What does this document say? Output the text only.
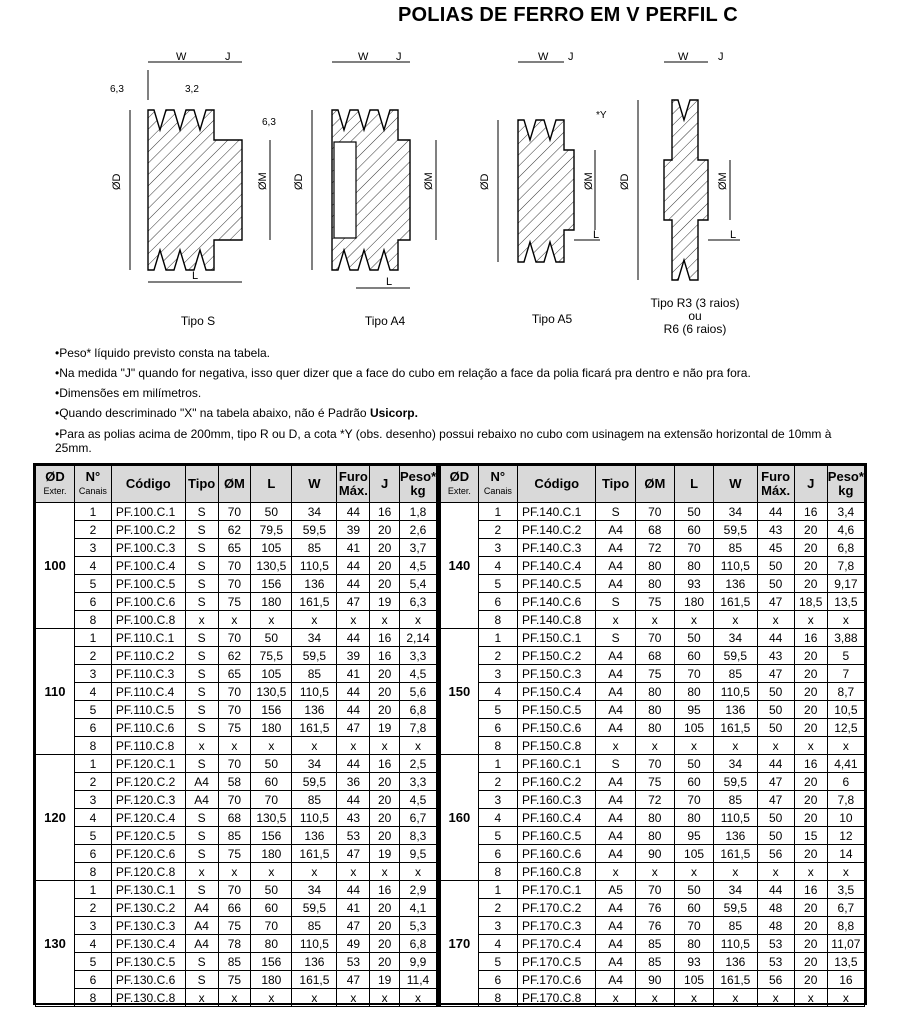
POLIAS DE FERRO EM V PERFIL C
W	J
L
ØD	ØM
6,3	3,2
6,3
W	J
L
ØD	ØM
W J
L
ØD	ØM
*Y
W	J
L
ØD	ØM
Tipo S	Tipo A4	Tipo A5
Tipo R3 (3 raios)
ou
R6 (6 raios)
•Peso* líquido previsto consta na tabela.
•Na medida "J" quando for negativa, isso quer dizer que a face do cubo em relação a face da polia ficará pra dentro e não pra fora.
•Dimensões em milímetros.
•Quando descriminado "X" na tabela abaixo, não é Padrão Usicorp.
•Para as polias acima de 200mm, tipo R ou D, a cota *Y (obs. desenho) possui rebaixo no cubo com usinagem na extensão horizontal de 10mm à 25mm.
ØD
Exter.	N°
Canais	Código	Tipo	ØM	L	W	Furo
Máx.	J	Peso*
kg
100	1	PF.100.C.1	S	70	50	34	44	16	1,8
	2	PF.100.C.2	S	62	79,5	59,5	39	20	2,6
	3	PF.100.C.3	S	65	105	85	41	20	3,7
	4	PF.100.C.4	S	70	130,5	110,5	44	20	4,5
	5	PF.100.C.5	S	70	156	136	44	20	5,4
	6	PF.100.C.6	S	75	180	161,5	47	19	6,3
	8	PF.100.C.8	x	x	x	x	x	x	x
110	1	PF.110.C.1	S	70	50	34	44	16	2,14
	2	PF.110.C.2	S	62	75,5	59,5	39	16	3,3
	3	PF.110.C.3	S	65	105	85	41	20	4,5
	4	PF.110.C.4	S	70	130,5	110,5	44	20	5,6
	5	PF.110.C.5	S	70	156	136	44	20	6,8
	6	PF.110.C.6	S	75	180	161,5	47	19	7,8
	8	PF.110.C.8	x	x	x	x	x	x	x
120	1	PF.120.C.1	S	70	50	34	44	16	2,5
	2	PF.120.C.2	A4	58	60	59,5	36	20	3,3
	3	PF.120.C.3	A4	70	70	85	44	20	4,5
	4	PF.120.C.4	S	68	130,5	110,5	43	20	6,7
	5	PF.120.C.5	S	85	156	136	53	20	8,3
	6	PF.120.C.6	S	75	180	161,5	47	19	9,5
	8	PF.120.C.8	x	x	x	x	x	x	x
130	1	PF.130.C.1	S	70	50	34	44	16	2,9
	2	PF.130.C.2	A4	66	60	59,5	41	20	4,1
	3	PF.130.C.3	A4	75	70	85	47	20	5,3
	4	PF.130.C.4	A4	78	80	110,5	49	20	6,8
	5	PF.130.C.5	S	85	156	136	53	20	9,9
	6	PF.130.C.6	S	75	180	161,5	47	19	11,4
	8	PF.130.C.8	x	x	x	x	x	x	x
ØD
Exter.	N°
Canais	Código	Tipo	ØM	L	W	Furo
Máx.	J	Peso*
kg
140	1	PF.140.C.1	S	70	50	34	44	16	3,4
	2	PF.140.C.2	A4	68	60	59,5	43	20	4,6
	3	PF.140.C.3	A4	72	70	85	45	20	6,8
	4	PF.140.C.4	A4	80	80	110,5	50	20	7,8
	5	PF.140.C.5	A4	80	93	136	50	20	9,17
	6	PF.140.C.6	S	75	180	161,5	47	18,5	13,5
	8	PF.140.C.8	x	x	x	x	x	x	x
150	1	PF.150.C.1	S	70	50	34	44	16	3,88
	2	PF.150.C.2	A4	68	60	59,5	43	20	5
	3	PF.150.C.3	A4	75	70	85	47	20	7
	4	PF.150.C.4	A4	80	80	110,5	50	20	8,7
	5	PF.150.C.5	A4	80	95	136	50	20	10,5
	6	PF.150.C.6	A4	80	105	161,5	50	20	12,5
	8	PF.150.C.8	x	x	x	x	x	x	x
160	1	PF.160.C.1	S	70	50	34	44	16	4,41
	2	PF.160.C.2	A4	75	60	59,5	47	20	6
	3	PF.160.C.3	A4	72	70	85	47	20	7,8
	4	PF.160.C.4	A4	80	80	110,5	50	20	10
	5	PF.160.C.5	A4	80	95	136	50	15	12
	6	PF.160.C.6	A4	90	105	161,5	56	20	14
	8	PF.160.C.8	x	x	x	x	x	x	x
170	1	PF.170.C.1	A5	70	50	34	44	16	3,5
	2	PF.170.C.2	A4	76	60	59,5	48	20	6,7
	3	PF.170.C.3	A4	76	70	85	48	20	8,8
	4	PF.170.C.4	A4	85	80	110,5	53	20	11,07
	5	PF.170.C.5	A4	85	93	136	53	20	13,5
	6	PF.170.C.6	A4	90	105	161,5	56	20	16
	8	PF.170.C.8	x	x	x	x	x	x	x
